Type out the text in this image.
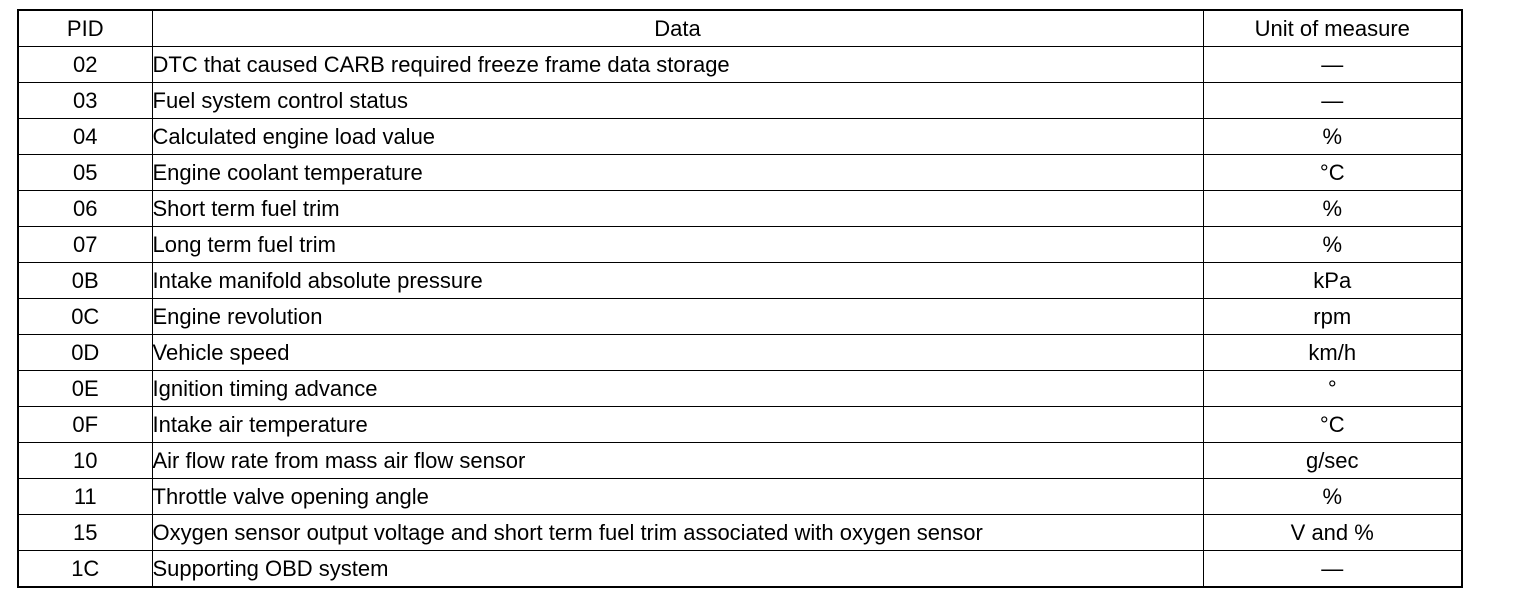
PID	Data	Unit of measure
02	DTC that caused CARB required freeze frame data storage	—
03	Fuel system control status	—
04	Calculated engine load value	%
05	Engine coolant temperature	°C
06	Short term fuel trim	%
07	Long term fuel trim	%
0B	Intake manifold absolute pressure	kPa
0C	Engine revolution	rpm
0D	Vehicle speed	km/h
0E	Ignition timing advance	°
0F	Intake air temperature	°C
10	Air flow rate from mass air flow sensor	g/sec
11	Throttle valve opening angle	%
15	Oxygen sensor output voltage and short term fuel trim associated with oxygen sensor	V and %
1C	Supporting OBD system	—
